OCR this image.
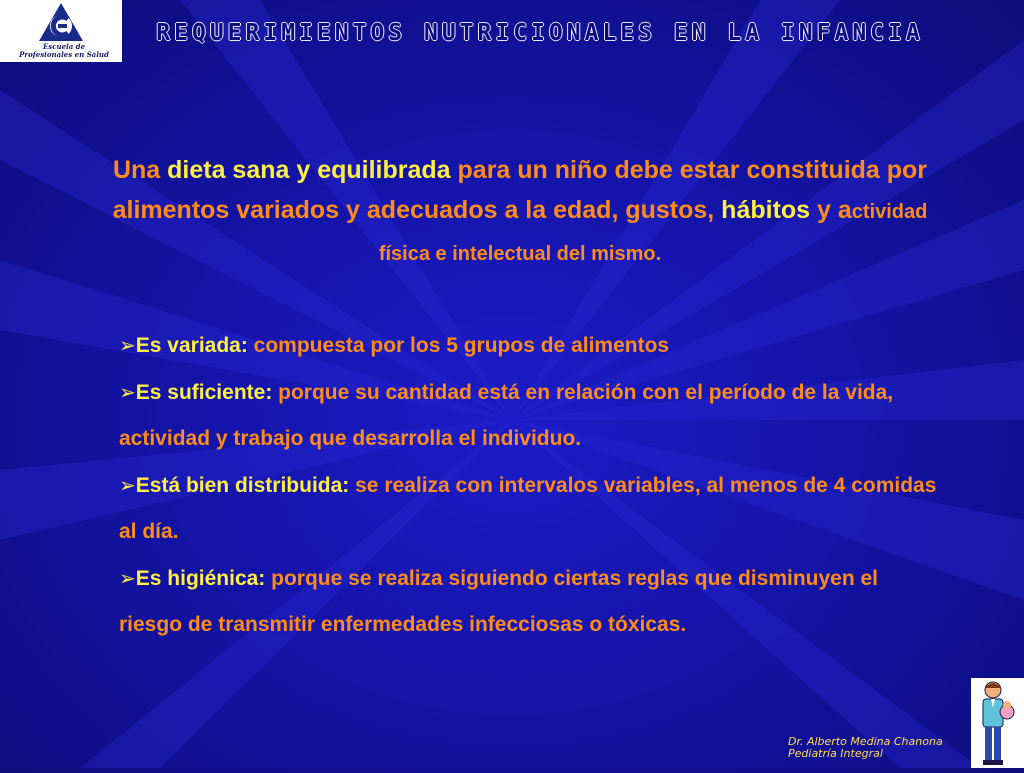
Escuela de
Profesionales en Salud
REQUERIMIENTOS NUTRICIONALES EN LA INFANCIA
Una dieta sana y equilibrada para un niño debe estar constituida por alimentos variados y adecuados a la edad, gustos, hábitos y actividad física e intelectual del mismo.
➢Es variada: compuesta por los 5 grupos de alimentos
➢Es suficiente: porque su cantidad está en relación con el período de la vida, actividad y trabajo que desarrolla el individuo.
➢Está bien distribuida: se realiza con intervalos variables, al menos de 4 comidas al día.
➢Es higiénica: porque se realiza siguiendo ciertas reglas que disminuyen el riesgo de transmitir enfermedades infecciosas o tóxicas.
Dr. Alberto Medina Chanona
Pediatría Integral
